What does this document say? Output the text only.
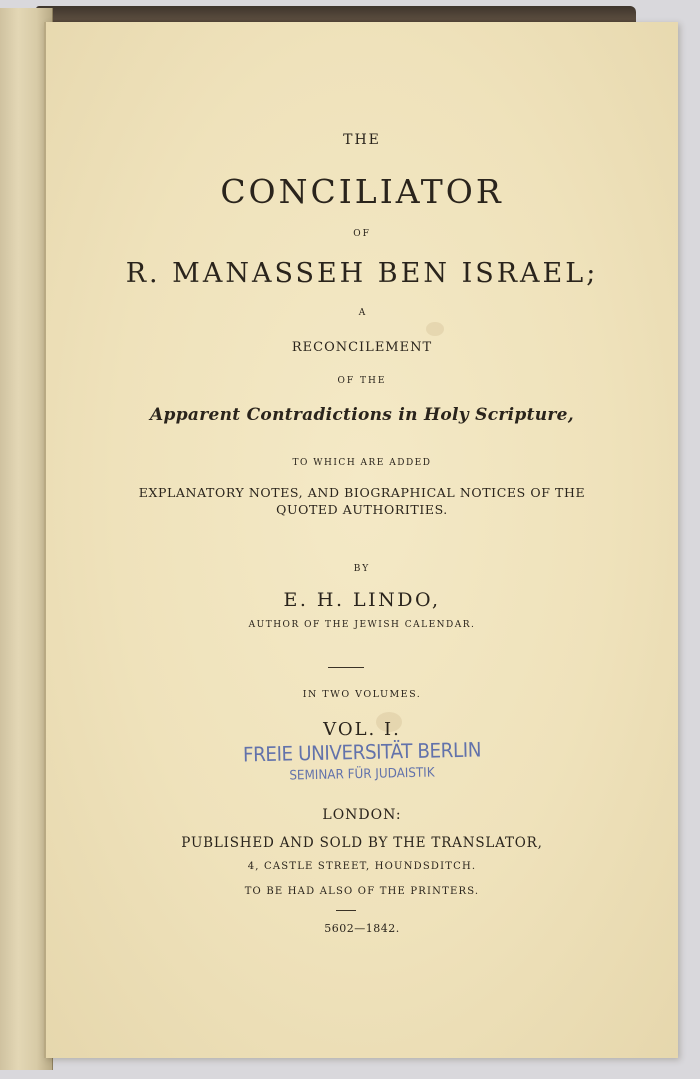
THE
CONCILIATOR
OF
R. MANASSEH BEN ISRAEL;
A
RECONCILEMENT
OF THE
Apparent Contradictions in Holy Scripture,
TO WHICH ARE ADDED
EXPLANATORY NOTES, AND BIOGRAPHICAL NOTICES OF THE
QUOTED AUTHORITIES.
BY
E. H. LINDO,
AUTHOR OF THE JEWISH CALENDAR.
IN TWO VOLUMES.
VOL. I.
FREIE UNIVERSITÄT BERLIN
SEMINAR FÜR JUDAISTIK
LONDON:
PUBLISHED AND SOLD BY THE TRANSLATOR,
4, CASTLE STREET, HOUNDSDITCH.
TO BE HAD ALSO OF THE PRINTERS.
5602—1842.
